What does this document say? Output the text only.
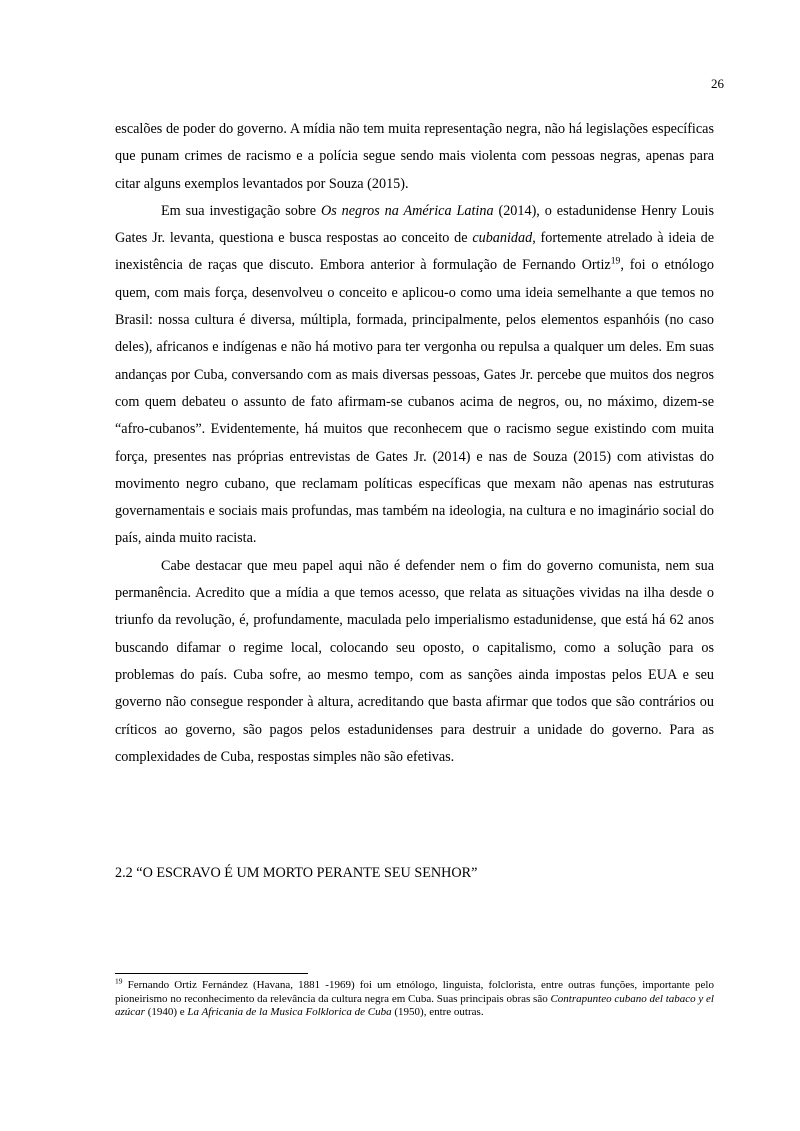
26

escalões de poder do governo. A mídia não tem muita representação negra, não há legislações específicas que punam crimes de racismo e a polícia segue sendo mais violenta com pessoas negras, apenas para citar alguns exemplos levantados por Souza (2015).

Em sua investigação sobre Os negros na América Latina (2014), o estadunidense Henry Louis Gates Jr. levanta, questiona e busca respostas ao conceito de cubanidad, fortemente atrelado à ideia de inexistência de raças que discuto. Embora anterior à formulação de Fernando Ortiz$^{19}$, foi o etnólogo quem, com mais força, desenvolveu o conceito e aplicou-o como uma ideia semelhante a que temos no Brasil: nossa cultura é diversa, múltipla, formada, principalmente, pelos elementos espanhóis (no caso deles), africanos e indígenas e não há motivo para ter vergonha ou repulsa a qualquer um deles. Em suas andanças por Cuba, conversando com as mais diversas pessoas, Gates Jr. percebe que muitos dos negros com quem debateu o assunto de fato afirmam-se cubanos acima de negros, ou, no máximo, dizem-se “afro-cubanos”. Evidentemente, há muitos que reconhecem que o racismo segue existindo com muita força, presentes nas próprias entrevistas de Gates Jr. (2014) e nas de Souza (2015) com ativistas do movimento negro cubano, que reclamam políticas específicas que mexam não apenas nas estruturas governamentais e sociais mais profundas, mas também na ideologia, na cultura e no imaginário social do país, ainda muito racista.

Cabe destacar que meu papel aqui não é defender nem o fim do governo comunista, nem sua permanência. Acredito que a mídia a que temos acesso, que relata as situações vividas na ilha desde o triunfo da revolução, é, profundamente, maculada pelo imperialismo estadunidense, que está há 62 anos buscando difamar o regime local, colocando seu oposto, o capitalismo, como a solução para os problemas do país. Cuba sofre, ao mesmo tempo, com as sanções ainda impostas pelos EUA e seu governo não consegue responder à altura, acreditando que basta afirmar que todos que são contrários ou críticos ao governo, são pagos pelos estadunidenses para destruir a unidade do governo. Para as complexidades de Cuba, respostas simples não são efetivas.

2.2 “O ESCRAVO É UM MORTO PERANTE SEU SENHOR”

$^{19}$ Fernando Ortiz Fernández (Havana, 1881 -1969) foi um etnólogo, linguista, folclorista, entre outras funções, importante pelo pioneirismo no reconhecimento da relevância da cultura negra em Cuba. Suas principais obras são Contrapunteo cubano del tabaco y el azúcar (1940) e La Africania de la Musica Folklorica de Cuba (1950), entre outras.
